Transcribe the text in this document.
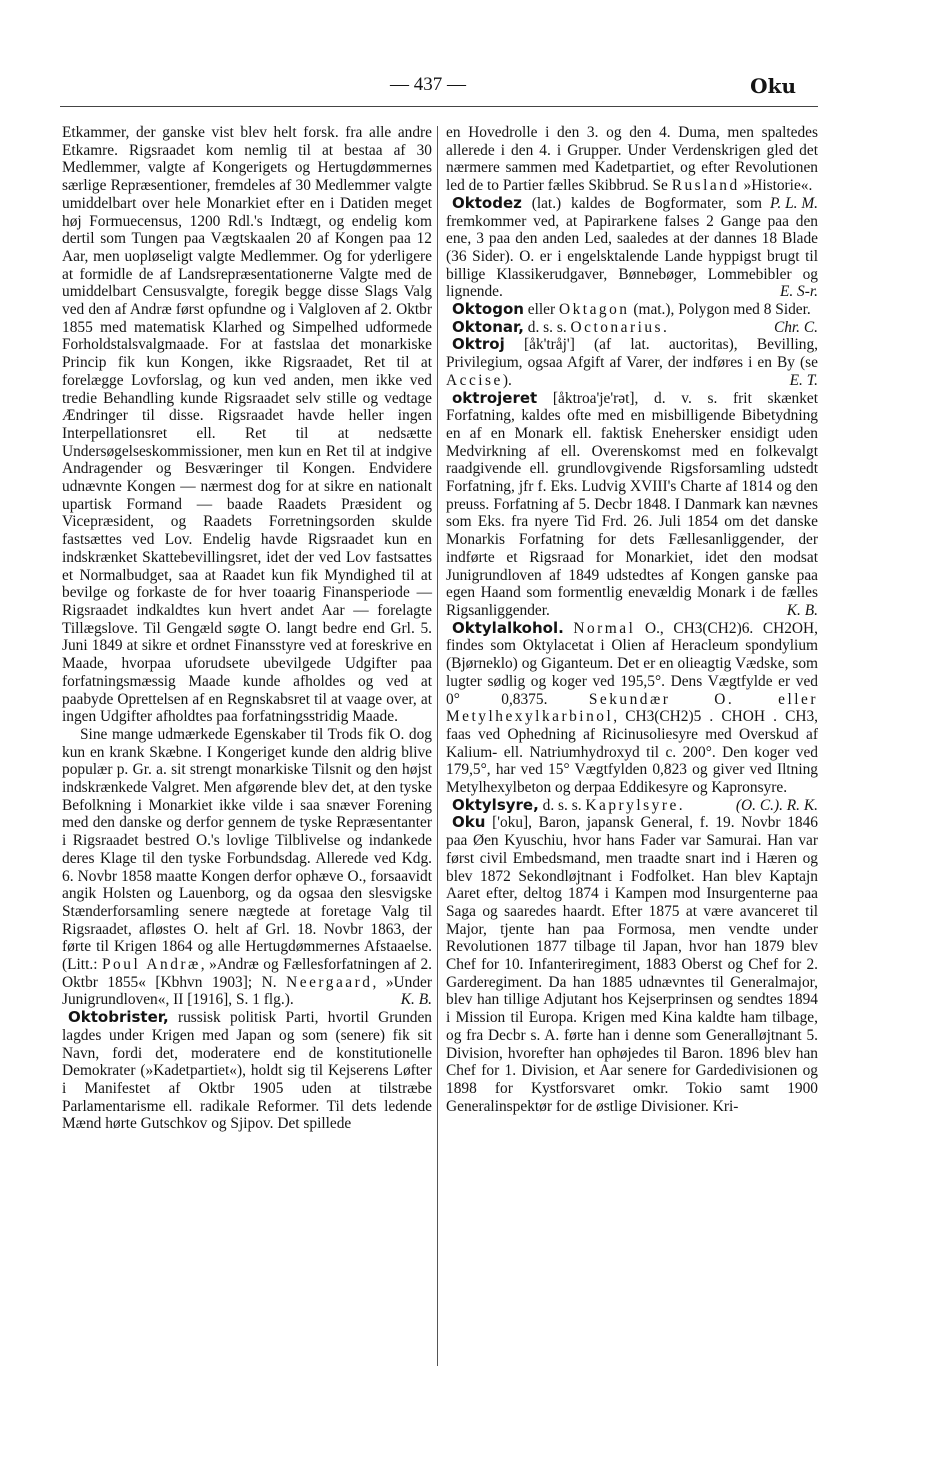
— 437 —	Oku

Etkammer, der ganske vist blev helt forsk. fra alle andre Etkamre. Rigsraadet kom nemlig til at bestaa af 30 Medlemmer, valgte af Kongerigets og Hertugdømmernes særlige Repræsentioner, fremdeles af 30 Medlemmer valgte umiddelbart over hele Monarkiet efter en i Datiden meget høj Formuecensus, 1200 Rdl.'s Indtægt, og endelig kom dertil som Tungen paa Vægtskaalen 20 af Kongen paa 12 Aar, men uopløseligt valgte Medlemmer. Og for yderligere at formidle de af Landsrepræsentationerne Valgte med de umiddelbart Censusvalgte, foregik begge disse Slags Valg ved den af Andræ først opfundne og i Valgloven af 2. Oktbr 1855 med matematisk Klarhed og Simpelhed udformede Forholdstalsvalgmaade. For at fastslaa det monarkiske Princip fik kun Kongen, ikke Rigsraadet, Ret til at forelægge Lovforslag, og kun ved anden, men ikke ved tredie Behandling kunde Rigsraadet selv stille og vedtage Ændringer til disse. Rigsraadet havde heller ingen Interpellationsret ell. Ret til at nedsætte Undersøgelseskommissioner, men kun en Ret til at indgive Andragender og Besværinger til Kongen. Endvidere udnævnte Kongen — nærmest dog for at sikre en nationalt upartisk Formand — baade Raadets Præsident og Vicepræsident, og Raadets Forretningsorden skulde fastsættes ved Lov. Endelig havde Rigsraadet kun en indskrænket Skattebevillingsret, idet der ved Lov fastsattes et Normalbudget, saa at Raadet kun fik Myndighed til at bevilge og forkaste de for hver toaarig Finansperiode — Rigsraadet indkaldtes kun hvert andet Aar — forelagte Tillægslove. Til Gengæld søgte O. langt bedre end Grl. 5. Juni 1849 at sikre et ordnet Finansstyre ved at foreskrive en Maade, hvorpaa uforudsete ubevilgede Udgifter paa forfatningsmæssig Maade kunde afholdes og ved at paabyde Oprettelsen af en Regnskabsret til at vaage over, at ingen Udgifter afholdtes paa forfatningsstridig Maade.

Sine mange udmærkede Egenskaber til Trods fik O. dog kun en krank Skæbne. I Kongeriget kunde den aldrig blive populær p. Gr. a. sit strengt monarkiske Tilsnit og den højst indskrænkede Valgret. Men afgørende blev det, at den tyske Befolkning i Monarkiet ikke vilde i saa snæver Forening med den danske og derfor gennem de tyske Repræsentanter i Rigsraadet bestred O.'s lovlige Tilblivelse og indankede deres Klage til den tyske Forbundsdag. Allerede ved Kdg. 6. Novbr 1858 maatte Kongen derfor ophæve O., forsaavidt angik Holsten og Lauenborg, og da ogsaa den slesvigske Stænderforsamling senere nægtede at foretage Valg til Rigsraadet, afløstes O. helt af Grl. 18. Novbr 1863, der førte til Krigen 1864 og alle Hertugdømmernes Afstaaelse. (Litt.: Poul Andræ, »Andræ og Fællesforfatningen af 2. Oktbr 1855« [Kbhvn 1903]; N. Neergaard, »Under Junigrundloven«, II [1916], S. 1 flg.).	K. B.

Oktobrister, russisk politisk Parti, hvortil Grunden lagdes under Krigen med Japan og som (senere) fik sit Navn, fordi det, moderatere end de konstitutionelle Demokrater (»Kadetpartiet«), holdt sig til Kejserens Løfter i Manifestet af Oktbr 1905 uden at tilstræbe Parlamentarisme ell. radikale Reformer. Til dets ledende Mænd hørte Gutschkov og Sjipov. Det spillede

en Hovedrolle i den 3. og den 4. Duma, men spaltedes allerede i den 4. i Grupper. Under Verdenskrigen gled det nærmere sammen med Kadetpartiet, og efter Revolutionen led de to Partier fælles Skibbrud. Se Rusland »Historie«.
P. L. M.

Oktodez (lat.) kaldes de Bogformater, som fremkommer ved, at Papirarkene falses 2 Gange paa den ene, 3 paa den anden Led, saaledes at der dannes 18 Blade (36 Sider). O. er i engelsktalende Lande hyppigst brugt til billige Klassikerudgaver, Bønnebøger, Lommebibler og lignende.	E. S-r.

Oktogon eller Oktagon (mat.), Polygon med 8 Sider.
Chr. C.

Oktonar, d. s. s. Octonarius.

Oktroj [åk'tråj'] (af lat. auctoritas), Bevilling, Privilegium, ogsaa Afgift af Varer, der indføres i en By (se Accise).	E. T.

oktrojeret [åktroa'je'rət], d. v. s. frit skænket Forfatning, kaldes ofte med en misbilligende Bibetydning en af en Monark ell. faktisk Enehersker ensidigt uden Medvirkning af ell. Overenskomst med en folkevalgt raadgivende ell. grundlovgivende Rigsforsamling udstedt Forfatning, jfr f. Eks. Ludvig XVIII's Charte af 1814 og den preuss. Forfatning af 5. Decbr 1848. I Danmark kan nævnes som Eks. fra nyere Tid Frd. 26. Juli 1854 om det danske Monarkis Forfatning for dets Fællesanliggender, der indførte et Rigsraad for Monarkiet, idet den modsat Junigrundloven af 1849 udstedtes af Kongen ganske paa egen Haand som formentlig enevældig Monark i de fælles Rigsanliggender.	K. B.

Oktylalkohol. Normal O., CH3(CH2)6. CH2OH, findes som Oktylacetat i Olien af Heracleum spondylium (Bjørneklo) og Giganteum. Det er en olieagtig Vædske, som lugter sødlig og koger ved 195,5°. Dens Vægtfylde er ved 0° 0,8375. Sekundær O. eller Metylhexylkarbinol, CH3(CH2)5 . CHOH . CH3, faas ved Ophedning af Ricinusoliesyre med Overskud af Kalium- ell. Natriumhydroxyd til c. 200°. Den koger ved 179,5°, har ved 15° Vægtfylden 0,823 og giver ved Iltning Metylhexylbeton og derpaa Eddikesyre og Kapronsyre.
(O. C.). R. K.

Oktylsyre, d. s. s. Kaprylsyre.

Oku ['oku], Baron, japansk General, f. 19. Novbr 1846 paa Øen Kyuschiu, hvor hans Fader var Samurai. Han var først civil Embedsmand, men traadte snart ind i Hæren og blev 1872 Sekondløjtnant i Fodfolket. Han blev Kaptajn Aaret efter, deltog 1874 i Kampen mod Insurgenterne paa Saga og saaredes haardt. Efter 1875 at være avanceret til Major, tjente han paa Formosa, men vendte under Revolutionen 1877 tilbage til Japan, hvor han 1879 blev Chef for 10. Infanteriregiment, 1883 Oberst og Chef for 2. Garderegiment. Da han 1885 udnævntes til Generalmajor, blev han tillige Adjutant hos Kejserprinsen og sendtes 1894 i Mission til Europa. Krigen med Kina kaldte ham tilbage, og fra Decbr s. A. førte han i denne som Generalløjtnant 5. Division, hvorefter han ophøjedes til Baron. 1896 blev han Chef for 1. Division, et Aar senere for Gardedivisionen og 1898 for Kystforsvaret omkr. Tokio samt 1900 Generalinspektør for de østlige Divisioner. Kri-
